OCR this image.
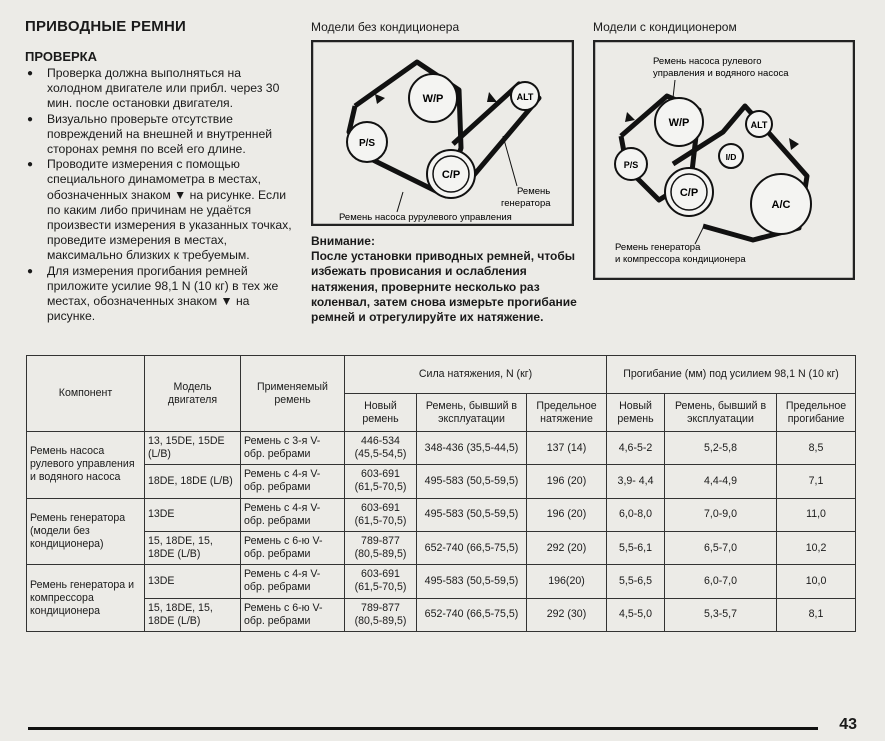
ПРИВОДНЫЕ РЕМНИ
ПРОВЕРКА
● Проверка должна выполняться на холодном двигателе или прибл. через 30 мин. после остановки двигателя.
● Визуально проверьте отсутствие повреждений на внешней и внутренней сторонах ремня по всей его длине.
● Проводите измерения с помощью специального динамометра в местах, обозначенных знаком ▼ на рисунке. Если по каким либо причинам не удаётся произвести измерения в указанных точках, проведите измерения в местах, максимально близких к требуемым.
● Для измерения прогибания ремней приложите усилие 98,1 N (10 кг) в тех же местах, обозначенных знаком ▼ на рисунке.
Модели без кондиционера
W/P	ALT
P/S
C/P
Ремень
генератора
Ремень насоса рурулевого управления
Модели с кондиционером
W/P	ALT
P/S
I/D
C/P
A/C
Ремень насоса рулевого
управления и водяного насоса
Ремень генератора
и компрессора кондиционера
Внимание:
После установки приводных ремней, чтобы избежать провисания и ослабления натяжения, проверните несколько раз коленвал, затем снова измерьте прогибание ремней и отрегулируйте их натяжение.
Компонент	Модель двигателя	Применяемый ремень	Сила натяжения, N (кг)			Прогибание (мм) под усилием 98,1 N (10 кг)		
			Новый ремень	Ремень, бывший в эксплуатации	Предельное натяжение	Новый ремень	Ремень, бывший в эксплуатации	Предельное прогибание
Ремень насоса рулевого управления и водяного насоса	13, 15DE, 15DE (L/B)	Ремень с 3-я V-обр. ребрами	446-534 (45,5-54,5)	348-436 (35,5-44,5)	137 (14)	4,6-5-2	5,2-5,8	8,5
	18DE, 18DE (L/B)	Ремень с 4-я V-обр. ребрами	603-691 (61,5-70,5)	495-583 (50,5-59,5)	196 (20)	3,9- 4,4	4,4-4,9	7,1
Ремень генератора (модели без кондиционера)	13DE	Ремень с 4-я V-обр. ребрами	603-691 (61,5-70,5)	495-583 (50,5-59,5)	196 (20)	6,0-8,0	7,0-9,0	11,0
	15, 18DE, 15, 18DE (L/B)	Ремень с 6-ю V-обр. ребрами	789-877 (80,5-89,5)	652-740 (66,5-75,5)	292 (20)	5,5-6,1	6,5-7,0	10,2
Ремень генератора и компрессора кондиционера	13DE	Ремень с 4-я V-обр. ребрами	603-691 (61,5-70,5)	495-583 (50,5-59,5)	196(20)	5,5-6,5	6,0-7,0	10,0
	15, 18DE, 15, 18DE (L/B)	Ремень с 6-ю V-обр. ребрами	789-877 (80,5-89,5)	652-740 (66,5-75,5)	292 (30)	4,5-5,0	5,3-5,7	8,1
43
